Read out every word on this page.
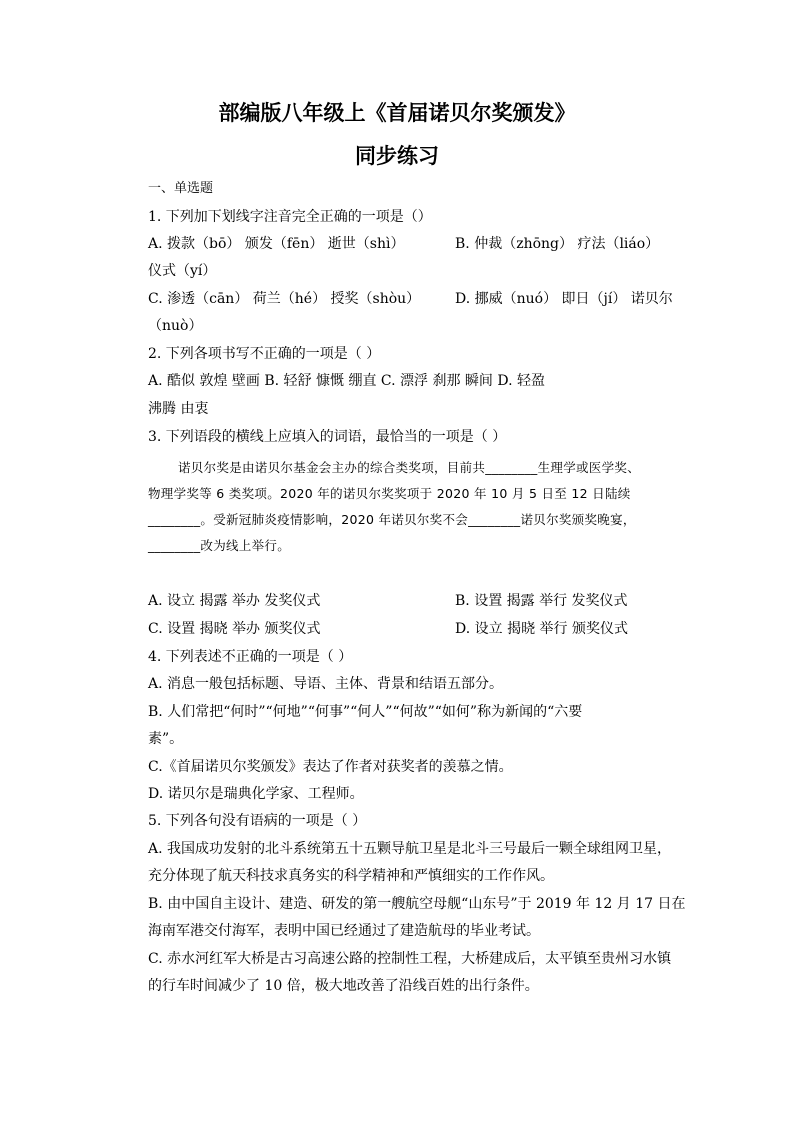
部编版八年级上《首届诺贝尔奖颁发》
同步练习
一、单选题
1. 下列加下划线字注音完全正确的一项是（）
A. 拨款（bō） 颁发（fēn） 逝世（shì）	B. 仲裁（zhōng） 疗法（liáo）
仪式（yí）
C. 渗透（cān） 荷兰（hé） 授奖（shòu） D. 挪威（nuó） 即日（jí） 诺贝尔
（nuò）
2. 下列各项书写不正确的一项是（ ）
A. 酷似 敦煌 壁画 B. 轻舒 慷慨 绷直 C. 漂浮 刹那 瞬间 D. 轻盈
沸腾 由衷
3. 下列语段的横线上应填入的词语，最恰当的一项是（ ）
诺贝尔奖是由诺贝尔基金会主办的综合类奖项，目前共________生理学或医学奖、
物理学奖等 6 类奖项。2020 年的诺贝尔奖奖项于 2020 年 10 月 5 日至 12 日陆续
________。受新冠肺炎疫情影响，2020 年诺贝尔奖不会________诺贝尔奖颁奖晚宴，
________改为线上举行。
A. 设立 揭露 举办 发奖仪式	B. 设置 揭露 举行 发奖仪式
C. 设置 揭晓 举办 颁奖仪式	D. 设立 揭晓 举行 颁奖仪式
4. 下列表述不正确的一项是（ ）
A. 消息一般包括标题、导语、主体、背景和结语五部分。
B. 人们常把“何时”“何地”“何事”“何人”“何故”“如何”称为新闻的“六要
素”。
C.《首届诺贝尔奖颁发》表达了作者对获奖者的羡慕之情。
D. 诺贝尔是瑞典化学家、工程师。
5. 下列各句没有语病的一项是（ ）
A. 我国成功发射的北斗系统第五十五颗导航卫星是北斗三号最后一颗全球组网卫星，
充分体现了航天科技求真务实的科学精神和严慎细实的工作作风。
B. 由中国自主设计、建造、研发的第一艘航空母舰“山东号”于 2019 年 12 月 17 日在
海南军港交付海军，表明中国已经通过了建造航母的毕业考试。
C. 赤水河红军大桥是古习高速公路的控制性工程，大桥建成后，太平镇至贵州习水镇
的行车时间减少了 10 倍，极大地改善了沿线百姓的出行条件。
